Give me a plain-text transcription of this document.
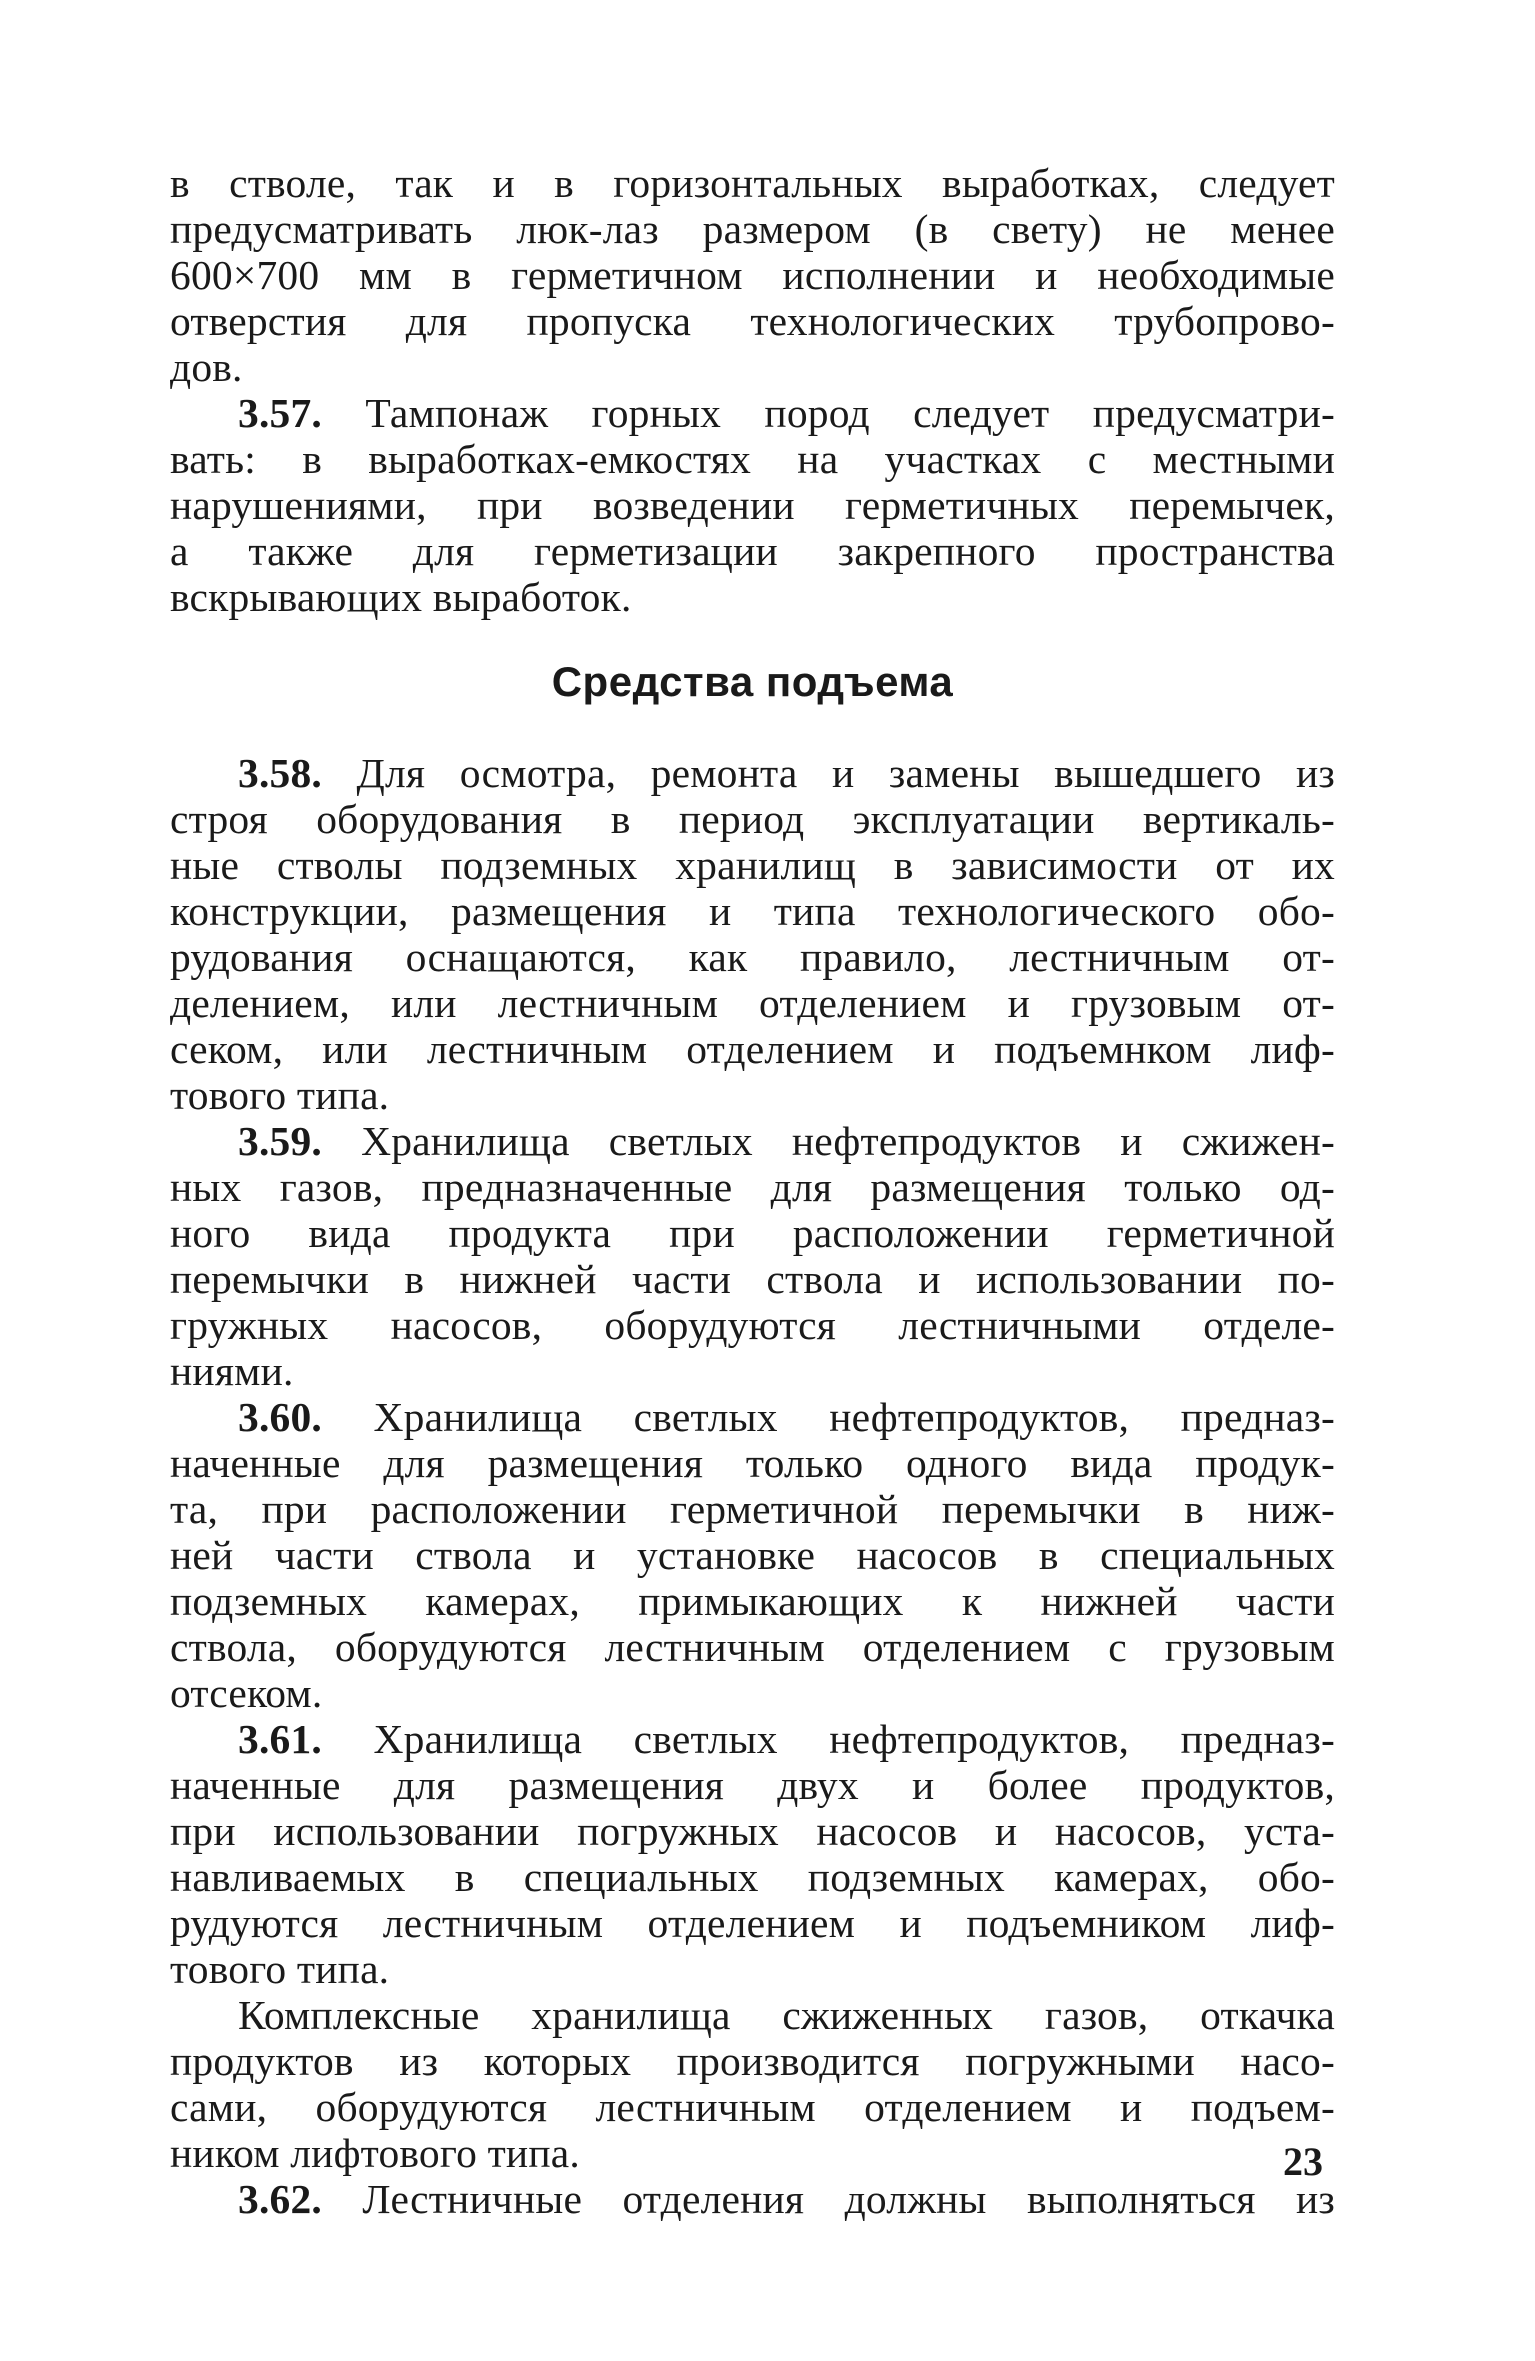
в стволе, так и в горизонтальных выработках, следует
предусматривать люк-лаз размером (в свету) не менее
600×700 мм в герметичном исполнении и необходимые
отверстия для пропуска технологических трубопрово-
дов.
3.57. Тампонаж горных пород следует предусматри-
вать: в выработках-емкостях на участках с местными
нарушениями, при возведении герметичных перемычек,
а также для герметизации закрепного пространства
вскрывающих выработок.
Средства подъема
3.58. Для осмотра, ремонта и замены вышедшего из
строя оборудования в период эксплуатации вертикаль-
ные стволы подземных хранилищ в зависимости от их
конструкции, размещения и типа технологического обо-
рудования оснащаются, как правило, лестничным от-
делением, или лестничным отделением и грузовым от-
секом, или лестничным отделением и подъемнком лиф-
тового типа.
3.59. Хранилища светлых нефтепродуктов и сжижен-
ных газов, предназначенные для размещения только од-
ного вида продукта при расположении герметичной
перемычки в нижней части ствола и использовании по-
гружных насосов, оборудуются лестничными отделе-
ниями.
3.60. Хранилища светлых нефтепродуктов, предназ-
наченные для размещения только одного вида продук-
та, при расположении герметичной перемычки в ниж-
ней части ствола и установке насосов в специальных
подземных камерах, примыкающих к нижней части
ствола, оборудуются лестничным отделением с грузовым
отсеком.
3.61. Хранилища светлых нефтепродуктов, предназ-
наченные для размещения двух и более продуктов,
при использовании погружных насосов и насосов, уста-
навливаемых в специальных подземных камерах, обо-
рудуются лестничным отделением и подъемником лиф-
тового типа.
Комплексные хранилища сжиженных газов, откачка
продуктов из которых производится погружными насо-
сами, оборудуются лестничным отделением и подъем-
ником лифтового типа.
3.62. Лестничные отделения должны выполняться из
23
